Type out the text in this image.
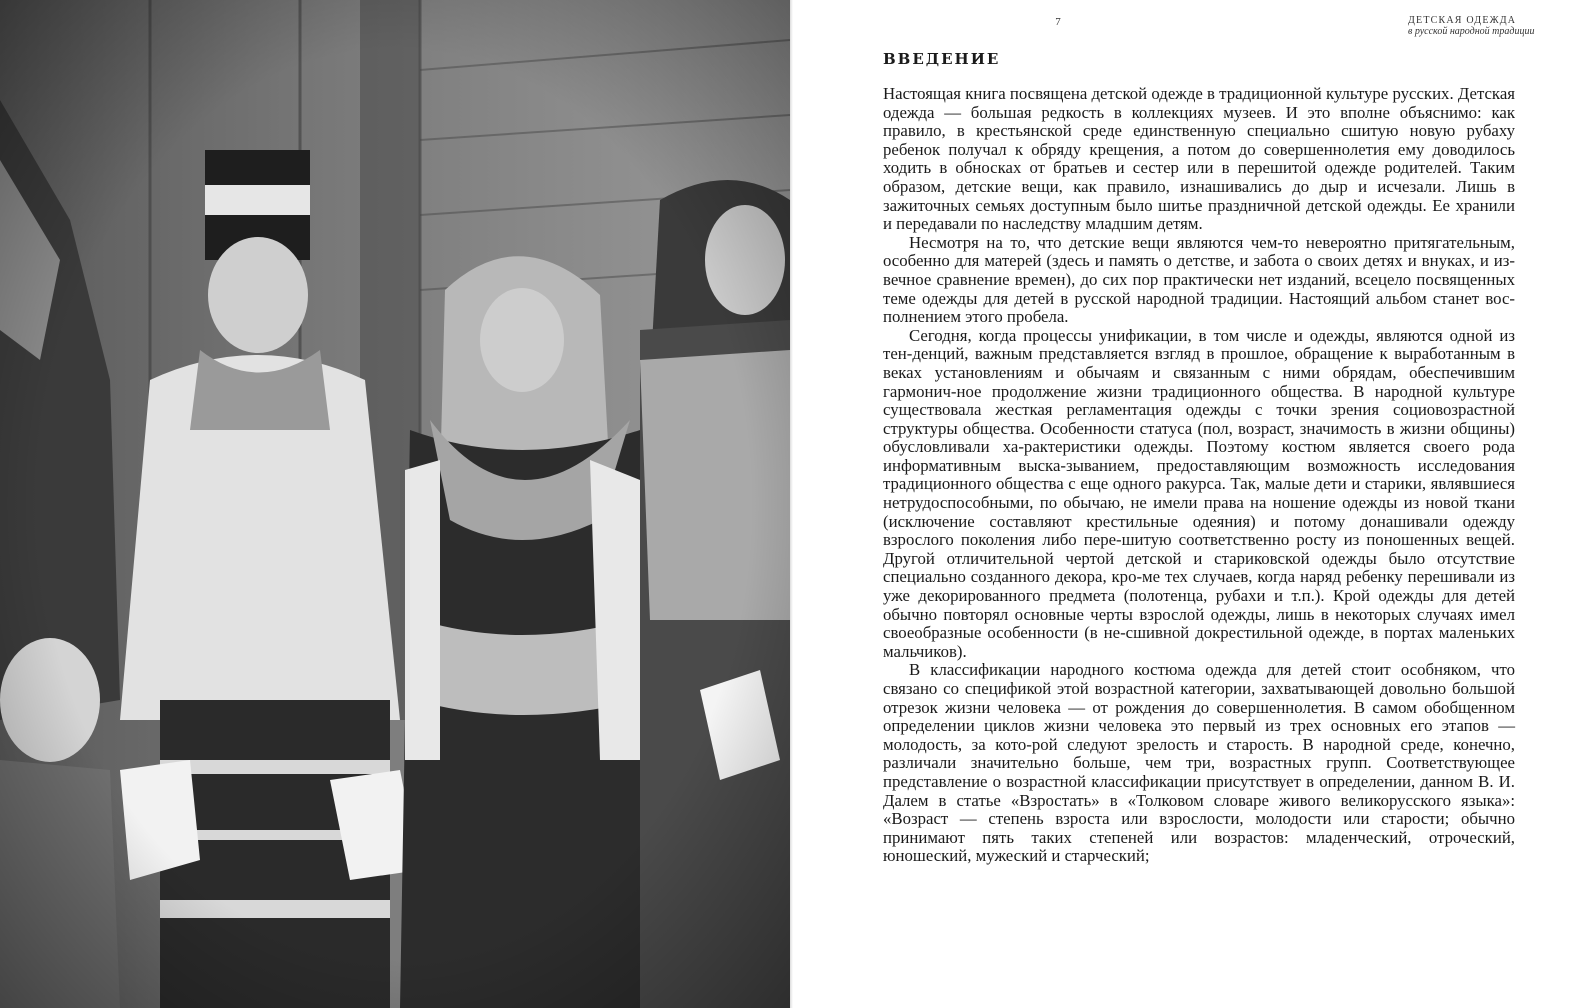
7	ДЕТСКАЯ ОДЕЖДА
в русской народной традиции
ВВЕДЕНИЕ

Настоящая книга посвящена детской одежде в традиционной культуре русских. Детская одежда — большая редкость в коллекциях музеев. И это вполне объяснимо: как правило, в крестьянской среде единственную специально сшитую новую рубаху ребенок получал к обряду крещения, а потом до совершеннолетия ему доводилось ходить в обносках от братьев и сестер или в перешитой одежде родителей. Таким образом, детские вещи, как правило, изнашивались до дыр и исчезали. Лишь в зажиточных семьях доступным было шитье праздничной детской одежды. Ее хранили и передавали по наследству младшим детям.

Несмотря на то, что детские вещи являются чем-то невероятно притягательным, особенно для матерей (здесь и память о детстве, и забота о своих детях и внуках, и из-вечное сравнение времен), до сих пор практически нет изданий, всецело посвященных теме одежды для детей в русской народной традиции. Настоящий альбом станет вос-полнением этого пробела.

Сегодня, когда процессы унификации, в том числе и одежды, являются одной из тен-денций, важным представляется взгляд в прошлое, обращение к выработанным в веках установлениям и обычаям и связанным с ними обрядам, обеспечившим гармонич-ное продолжение жизни традиционного общества. В народной культуре существовала жесткая регламентация одежды с точки зрения социовозрастной структуры общества. Особенности статуса (пол, возраст, значимость в жизни общины) обусловливали ха-рактеристики одежды. Поэтому костюм является своего рода информативным выска-зыванием, предоставляющим возможность исследования традиционного общества с еще одного ракурса. Так, малые дети и старики, являвшиеся нетрудоспособными, по обычаю, не имели права на ношение одежды из новой ткани (исключение составляют крестильные одеяния) и потому донашивали одежду взрослого поколения либо пере-шитую соответственно росту из поношенных вещей. Другой отличительной чертой детской и стариковской одежды было отсутствие специально созданного декора, кро-ме тех случаев, когда наряд ребенку перешивали из уже декорированного предмета (полотенца, рубахи и т.п.). Крой одежды для детей обычно повторял основные черты взрослой одежды, лишь в некоторых случаях имел своеобразные особенности (в не-сшивной докрестильной одежде, в портах маленьких мальчиков).

В классификации народного костюма одежда для детей стоит особняком, что связано со спецификой этой возрастной категории, захватывающей довольно большой отрезок жизни человека — от рождения до совершеннолетия. В самом обобщенном определении циклов жизни человека это первый из трех основных его этапов — молодость, за кото-рой следуют зрелость и старость. В народной среде, конечно, различали значительно больше, чем три, возрастных групп. Соответствующее представление о возрастной классификации присутствует в определении, данном В. И. Далем в статье «Взростать» в «Толковом словаре живого великорусского языка»: «Возраст — степень взроста или взрослости, молодости или старости; обычно принимают пять таких степеней или возрастов: младенческий, отроческий, юношеский, мужеский и старческий;
